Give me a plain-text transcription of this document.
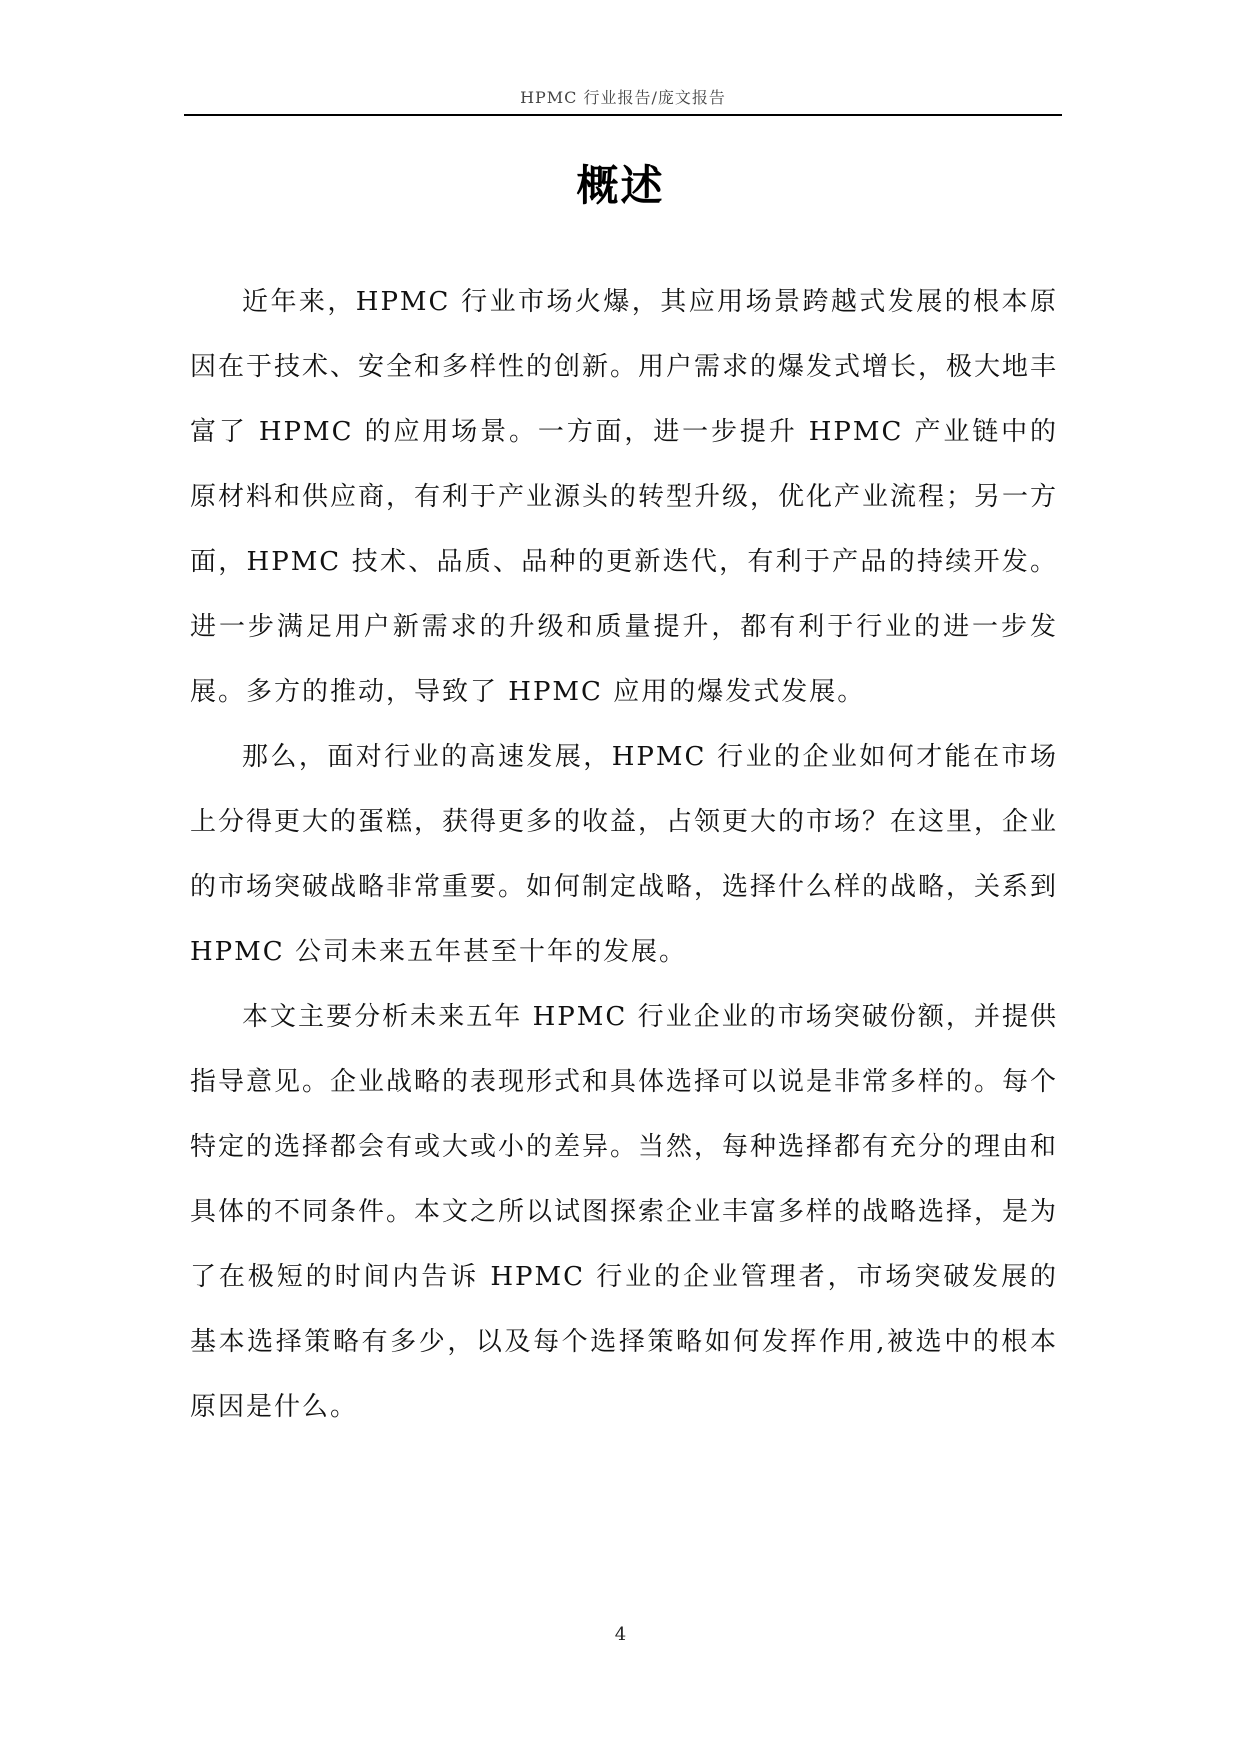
HPMC 行业报告/庞文报告
概述

近年来，HPMC 行业市场火爆，其应用场景跨越式发展的根本原因在于技术、安全和多样性的创新。用户需求的爆发式增长，极大地丰富了 HPMC 的应用场景。一方面，进一步提升 HPMC 产业链中的原材料和供应商，有利于产业源头的转型升级，优化产业流程；另一方面，HPMC 技术、品质、品种的更新迭代，有利于产品的持续开发。进一步满足用户新需求的升级和质量提升，都有利于行业的进一步发展。多方的推动，导致了 HPMC 应用的爆发式发展。

那么，面对行业的高速发展，HPMC 行业的企业如何才能在市场上分得更大的蛋糕，获得更多的收益，占领更大的市场？在这里，企业的市场突破战略非常重要。如何制定战略，选择什么样的战略，关系到 HPMC 公司未来五年甚至十年的发展。

本文主要分析未来五年 HPMC 行业企业的市场突破份额，并提供指导意见。企业战略的表现形式和具体选择可以说是非常多样的。每个特定的选择都会有或大或小的差异。当然，每种选择都有充分的理由和具体的不同条件。本文之所以试图探索企业丰富多样的战略选择，是为了在极短的时间内告诉 HPMC 行业的企业管理者，市场突破发展的基本选择策略有多少，以及每个选择策略如何发挥作用,被选中的根本原因是什么。

4
